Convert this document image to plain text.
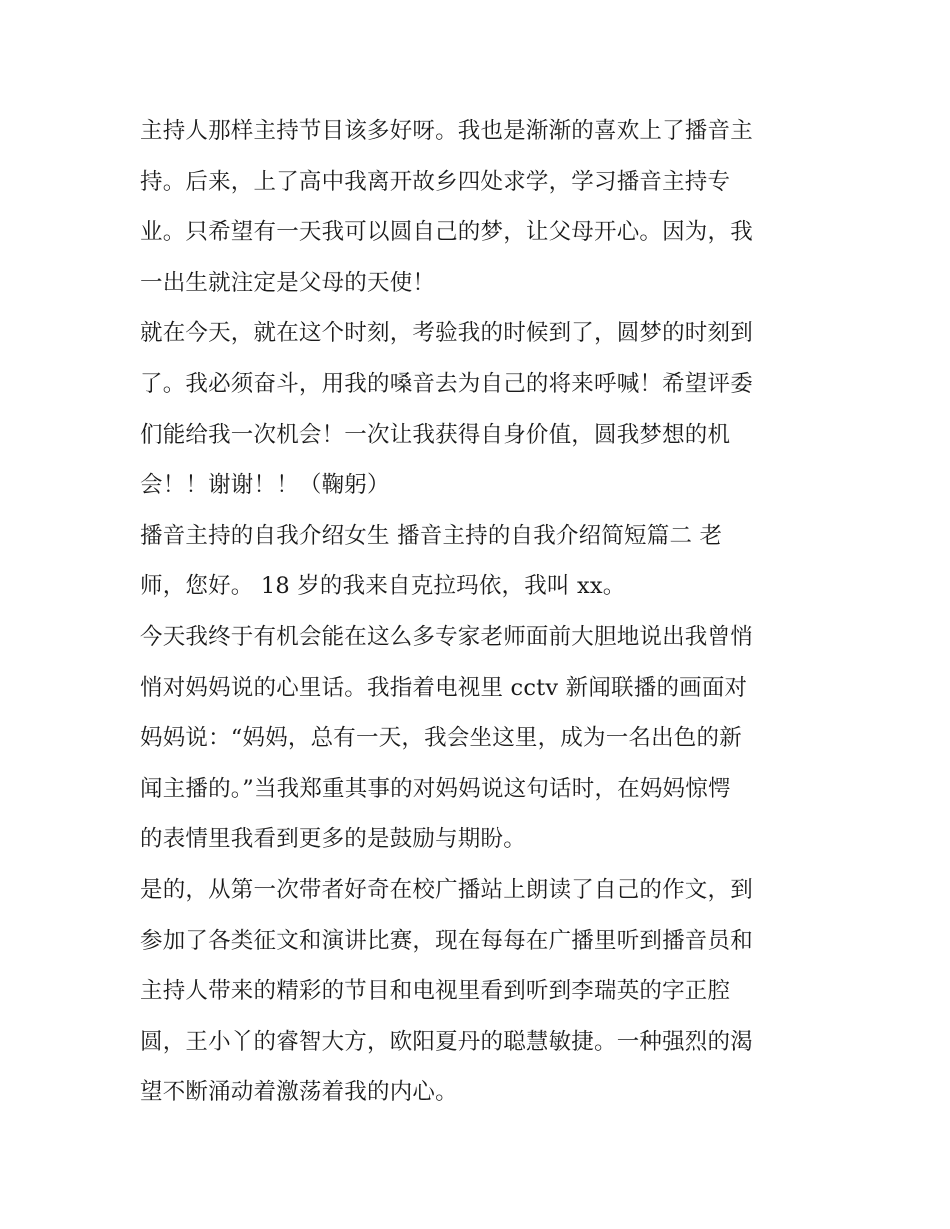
主持人那样主持节目该多好呀。我也是渐渐的喜欢上了播音主
持。后来，上了高中我离开故乡四处求学，学习播音主持专
业。只希望有一天我可以圆自己的梦，让父母开心。因为，我
一出生就注定是父母的天使！

就在今天，就在这个时刻，考验我的时候到了，圆梦的时刻到
了。我必须奋斗，用我的嗓音去为自己的将来呼喊！希望评委
们能给我一次机会！一次让我获得自身价值，圆我梦想的机
会！！谢谢！！（鞠躬）

播音主持的自我介绍女生 播音主持的自我介绍简短篇二 老
师，您好。 18 岁的我来自克拉玛依，我叫 xx。

今天我终于有机会能在这么多专家老师面前大胆地说出我曾悄
悄对妈妈说的心里话。我指着电视里 cctv 新闻联播的画面对
妈妈说：“妈妈，总有一天，我会坐这里，成为一名出色的新
闻主播的。”当我郑重其事的对妈妈说这句话时，在妈妈惊愕
的表情里我看到更多的是鼓励与期盼。

是的，从第一次带者好奇在校广播站上朗读了自己的作文，到
参加了各类征文和演讲比赛，现在每每在广播里听到播音员和
主持人带来的精彩的节目和电视里看到听到李瑞英的字正腔
圆，王小丫的睿智大方，欧阳夏丹的聪慧敏捷。一种强烈的渴
望不断涌动着激荡着我的内心。
